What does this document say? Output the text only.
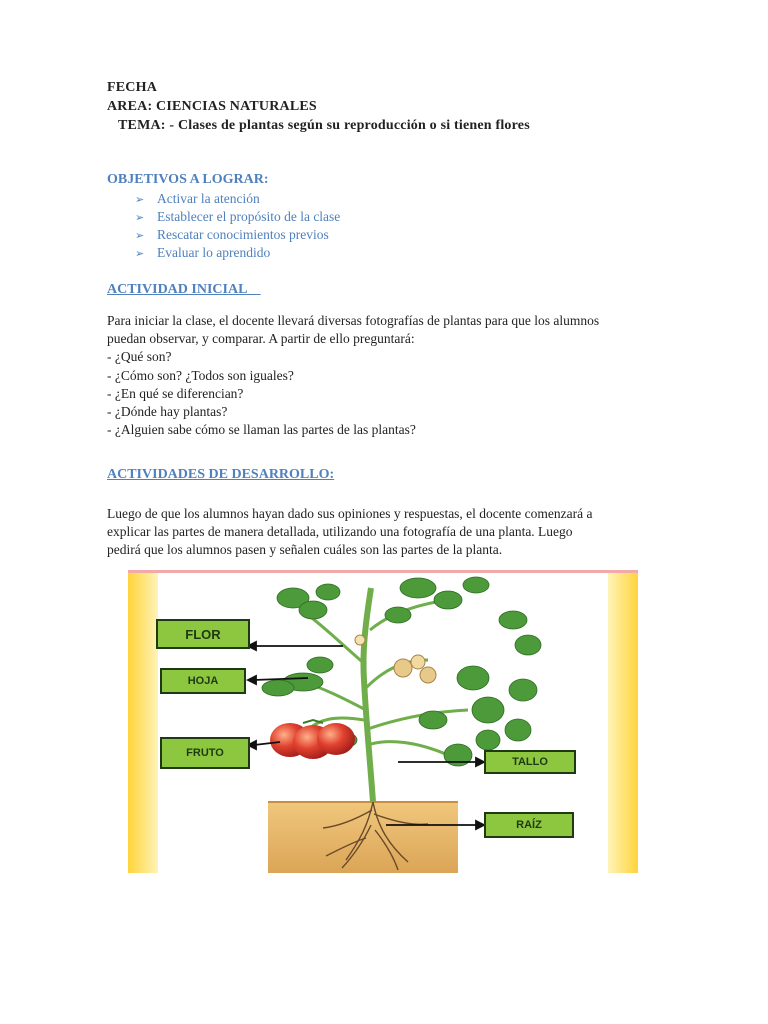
FECHA
AREA: CIENCIAS NATURALES
TEMA: - Clases de plantas según su reproducción o si tienen flores
OBJETIVOS A LOGRAR:
➢ Activar la atención
➢ Establecer el propósito de la clase
➢ Rescatar conocimientos previos
➢ Evaluar lo aprendido
ACTIVIDAD INICIAL
Para iniciar la clase, el docente llevará diversas fotografías de plantas para que los alumnos
puedan observar, y comparar. A partir de ello preguntará:
- ¿Qué son?
- ¿Cómo son? ¿Todos son iguales?
- ¿En qué se diferencian?
- ¿Dónde hay plantas?
- ¿Alguien sabe cómo se llaman las partes de las plantas?
ACTIVIDADES DE DESARROLLO:
Luego de que los alumnos hayan dado sus opiniones y respuestas, el docente comenzará a
explicar las partes de manera detallada, utilizando una fotografía de una planta. Luego
pedirá que los alumnos pasen y señalen cuáles son las partes de la planta.
FLOR
HOJA
FRUTO
TALLO
RAÍZ
